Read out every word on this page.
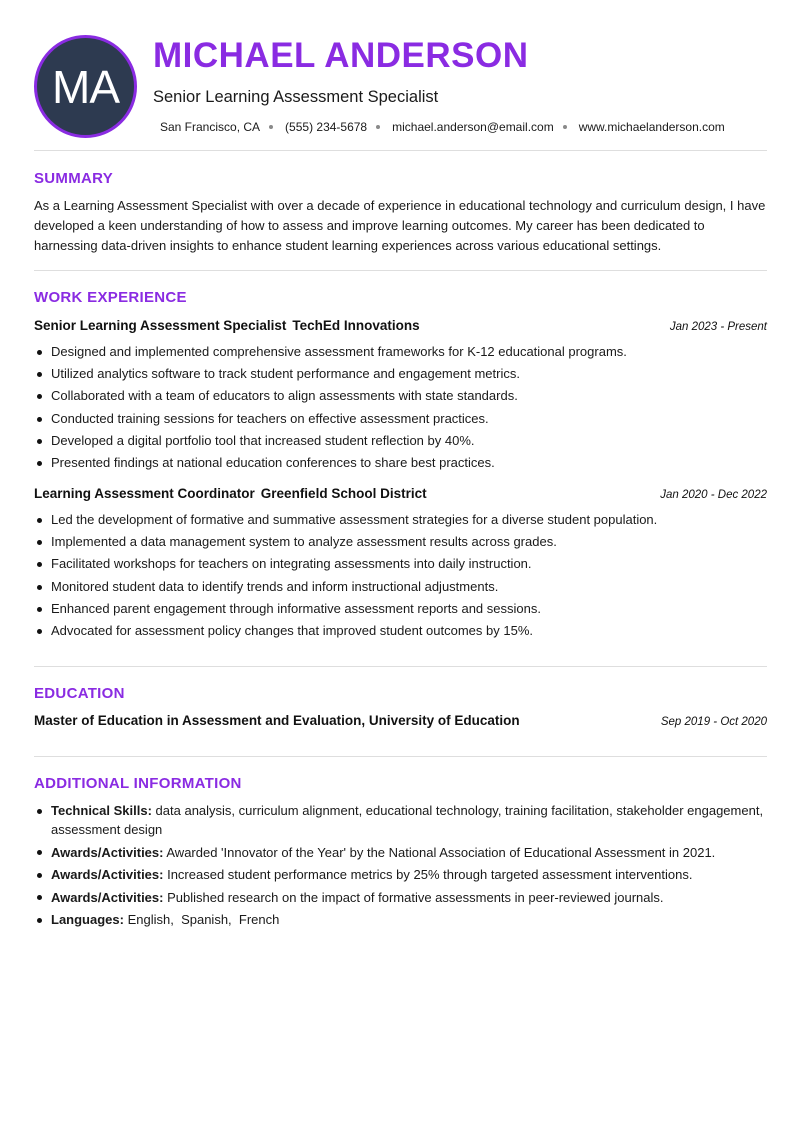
MA
MICHAEL ANDERSON
Senior Learning Assessment Specialist
San Francisco, CA (555) 234-5678 michael.anderson@email.com www.michaelanderson.com
SUMMARY

As a Learning Assessment Specialist with over a decade of experience in educational technology and curriculum design, I have developed a keen understanding of how to assess and improve learning outcomes. My career has been dedicated to harnessing data-driven insights to enhance student learning experiences across various educational settings.

WORK EXPERIENCE
Senior Learning Assessment Specialist TechEd Innovations	Jan 2023 - Present
Designed and implemented comprehensive assessment frameworks for K-12 educational programs.
Utilized analytics software to track student performance and engagement metrics.
Collaborated with a team of educators to align assessments with state standards.
Conducted training sessions for teachers on effective assessment practices.
Developed a digital portfolio tool that increased student reflection by 40%.
Presented findings at national education conferences to share best practices.
Learning Assessment Coordinator Greenfield School District	Jan 2020 - Dec 2022
Led the development of formative and summative assessment strategies for a diverse student population.
Implemented a data management system to analyze assessment results across grades.
Facilitated workshops for teachers on integrating assessments into daily instruction.
Monitored student data to identify trends and inform instructional adjustments.
Enhanced parent engagement through informative assessment reports and sessions.
Advocated for assessment policy changes that improved student outcomes by 15%.
EDUCATION
Master of Education in Assessment and Evaluation, University of Education	Sep 2019 - Oct 2020
ADDITIONAL INFORMATION
Technical Skills: data analysis, curriculum alignment, educational technology, training facilitation, stakeholder engagement, assessment design
Awards/Activities: Awarded 'Innovator of the Year' by the National Association of Educational Assessment in 2021.
Awards/Activities: Increased student performance metrics by 25% through targeted assessment interventions.
Awards/Activities: Published research on the impact of formative assessments in peer-reviewed journals.
Languages: English,  Spanish,  French
